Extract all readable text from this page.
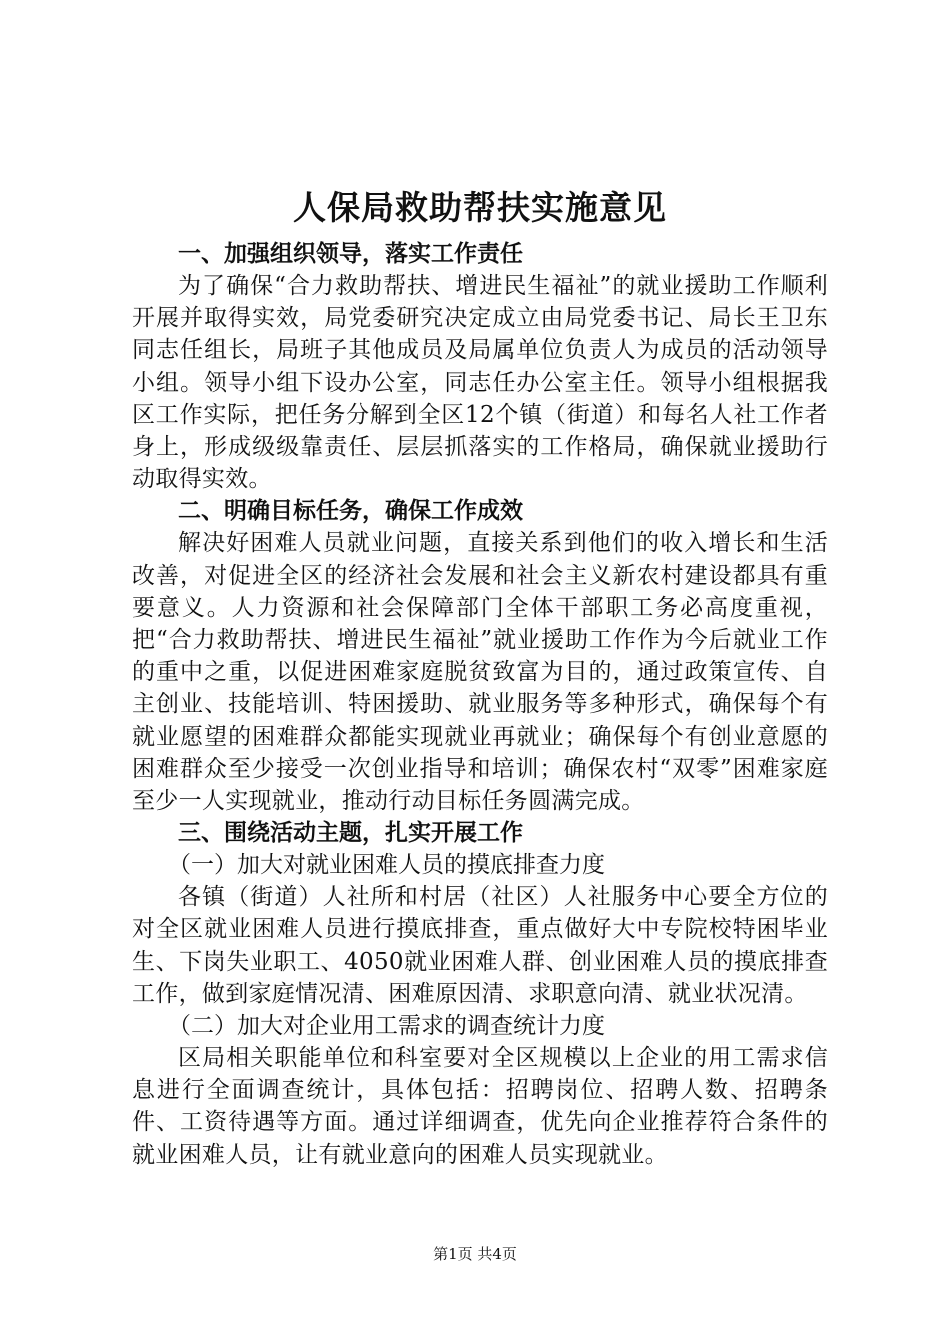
人保局救助帮扶实施意见

一、加强组织领导，落实工作责任

为了确保“合力救助帮扶、增进民生福祉”的就业援助工作顺利开展并取得实效，局党委研究决定成立由局党委书记、局长王卫东同志任组长，局班子其他成员及局属单位负责人为成员的活动领导小组。领导小组下设办公室，同志任办公室主任。领导小组根据我区工作实际，把任务分解到全区12个镇（街道）和每名人社工作者身上，形成级级靠责任、层层抓落实的工作格局，确保就业援助行动取得实效。

二、明确目标任务，确保工作成效

解决好困难人员就业问题，直接关系到他们的收入增长和生活改善，对促进全区的经济社会发展和社会主义新农村建设都具有重要意义。人力资源和社会保障部门全体干部职工务必高度重视，把“合力救助帮扶、增进民生福祉”就业援助工作作为今后就业工作的重中之重，以促进困难家庭脱贫致富为目的，通过政策宣传、自主创业、技能培训、特困援助、就业服务等多种形式，确保每个有就业愿望的困难群众都能实现就业再就业；确保每个有创业意愿的困难群众至少接受一次创业指导和培训；确保农村“双零”困难家庭至少一人实现就业，推动行动目标任务圆满完成。

三、围绕活动主题，扎实开展工作

（一）加大对就业困难人员的摸底排查力度

各镇（街道）人社所和村居（社区）人社服务中心要全方位的对全区就业困难人员进行摸底排查，重点做好大中专院校特困毕业生、下岗失业职工、4050就业困难人群、创业困难人员的摸底排查工作，做到家庭情况清、困难原因清、求职意向清、就业状况清。

（二）加大对企业用工需求的调查统计力度

区局相关职能单位和科室要对全区规模以上企业的用工需求信息进行全面调查统计，具体包括：招聘岗位、招聘人数、招聘条件、工资待遇等方面。通过详细调查，优先向企业推荐符合条件的就业困难人员，让有就业意向的困难人员实现就业。

第1页 共4页
